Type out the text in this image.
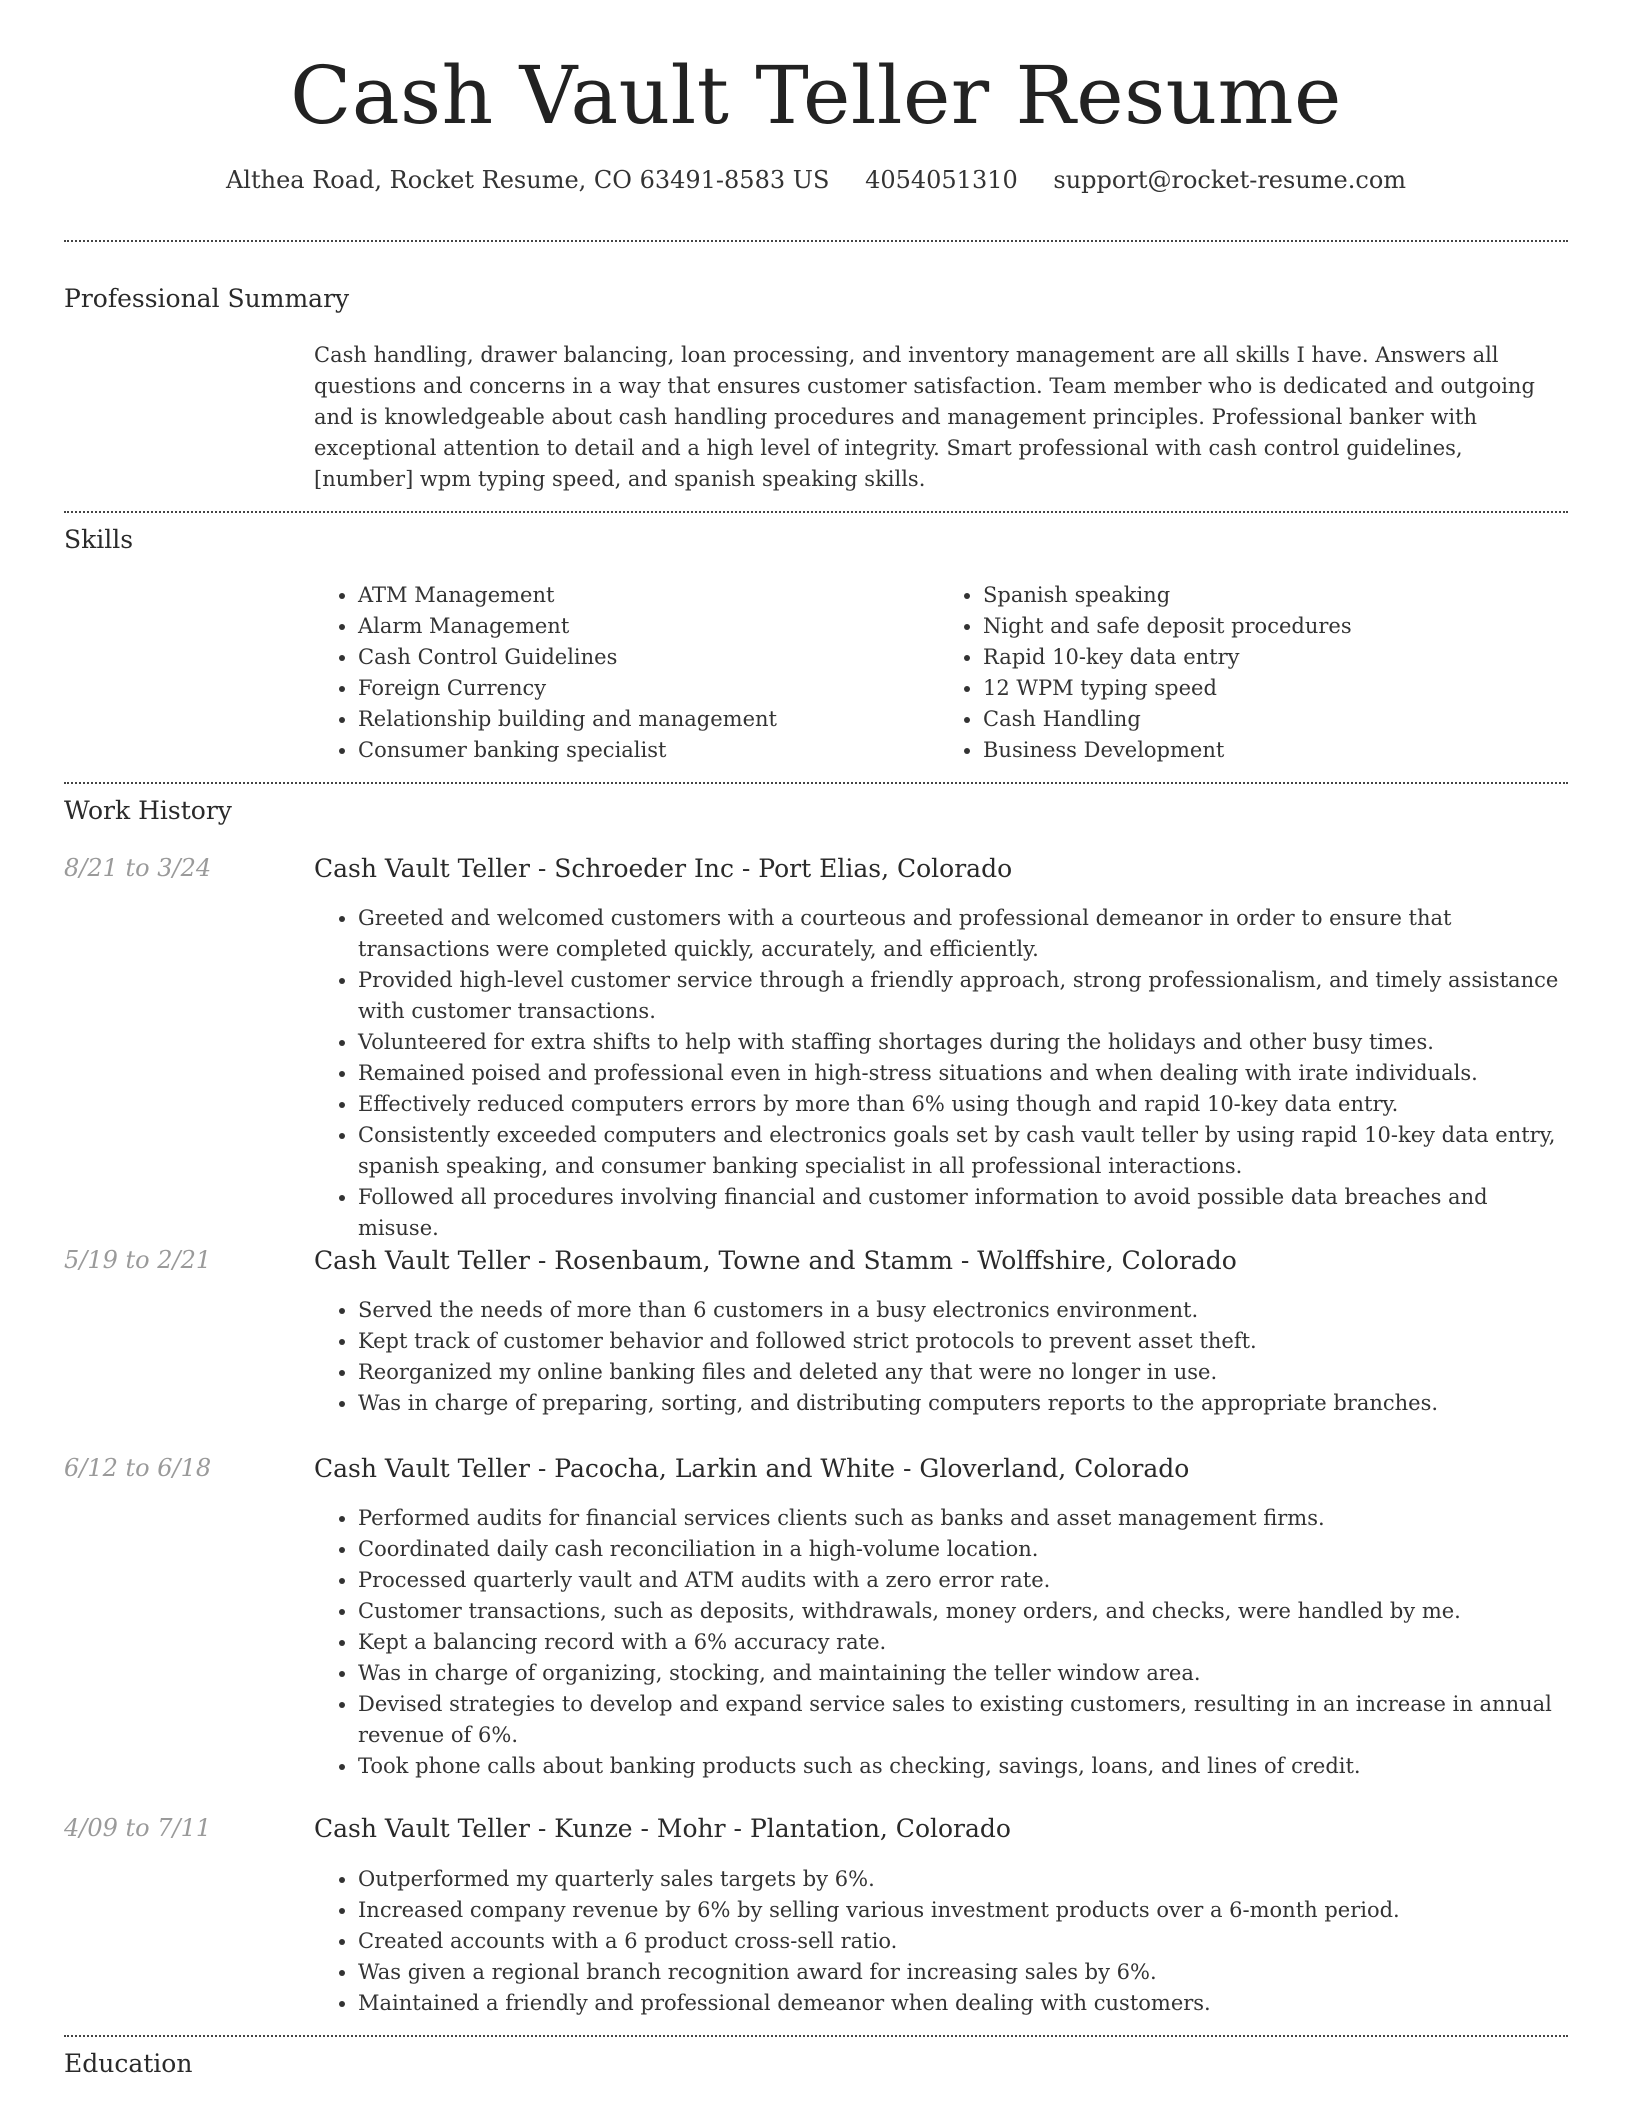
Cash Vault Teller Resume
Althea Road, Rocket Resume, CO 63491-8583 US 4054051310 support@rocket-resume.com
Professional Summary

Cash handling, drawer balancing, loan processing, and inventory management are all skills I have. Answers all questions and concerns in a way that ensures customer satisfaction. Team member who is dedicated and outgoing and is knowledgeable about cash handling procedures and management principles. Professional banker with exceptional attention to detail and a high level of integrity. Smart professional with cash control guidelines, [number] wpm typing speed, and spanish speaking skills.

Skills
• ATM Management
• Alarm Management
• Cash Control Guidelines
• Foreign Currency
• Relationship building and management
• Consumer banking specialist
• Spanish speaking
• Night and safe deposit procedures
• Rapid 10-key data entry
• 12 WPM typing speed
• Cash Handling
• Business Development
Work History
8/21 to 3/24	Cash Vault Teller - Schroeder Inc - Port Elias, Colorado
• Greeted and welcomed customers with a courteous and professional demeanor in order to ensure that transactions were completed quickly, accurately, and efficiently.
• Provided high-level customer service through a friendly approach, strong professionalism, and timely assistance with customer transactions.
• Volunteered for extra shifts to help with staffing shortages during the holidays and other busy times.
• Remained poised and professional even in high-stress situations and when dealing with irate individuals.
• Effectively reduced computers errors by more than 6% using though and rapid 10-key data entry.
• Consistently exceeded computers and electronics goals set by cash vault teller by using rapid 10-key data entry, spanish speaking, and consumer banking specialist in all professional interactions.
• Followed all procedures involving financial and customer information to avoid possible data breaches and misuse.
5/19 to 2/21	Cash Vault Teller - Rosenbaum, Towne and Stamm - Wolffshire, Colorado
• Served the needs of more than 6 customers in a busy electronics environment.
• Kept track of customer behavior and followed strict protocols to prevent asset theft.
• Reorganized my online banking files and deleted any that were no longer in use.
• Was in charge of preparing, sorting, and distributing computers reports to the appropriate branches.
6/12 to 6/18	Cash Vault Teller - Pacocha, Larkin and White - Gloverland, Colorado
• Performed audits for financial services clients such as banks and asset management firms.
• Coordinated daily cash reconciliation in a high-volume location.
• Processed quarterly vault and ATM audits with a zero error rate.
• Customer transactions, such as deposits, withdrawals, money orders, and checks, were handled by me.
• Kept a balancing record with a 6% accuracy rate.
• Was in charge of organizing, stocking, and maintaining the teller window area.
• Devised strategies to develop and expand service sales to existing customers, resulting in an increase in annual revenue of 6%.
• Took phone calls about banking products such as checking, savings, loans, and lines of credit.
4/09 to 7/11	Cash Vault Teller - Kunze - Mohr - Plantation, Colorado
• Outperformed my quarterly sales targets by 6%.
• Increased company revenue by 6% by selling various investment products over a 6-month period.
• Created accounts with a 6 product cross-sell ratio.
• Was given a regional branch recognition award for increasing sales by 6%.
• Maintained a friendly and professional demeanor when dealing with customers.
Education
